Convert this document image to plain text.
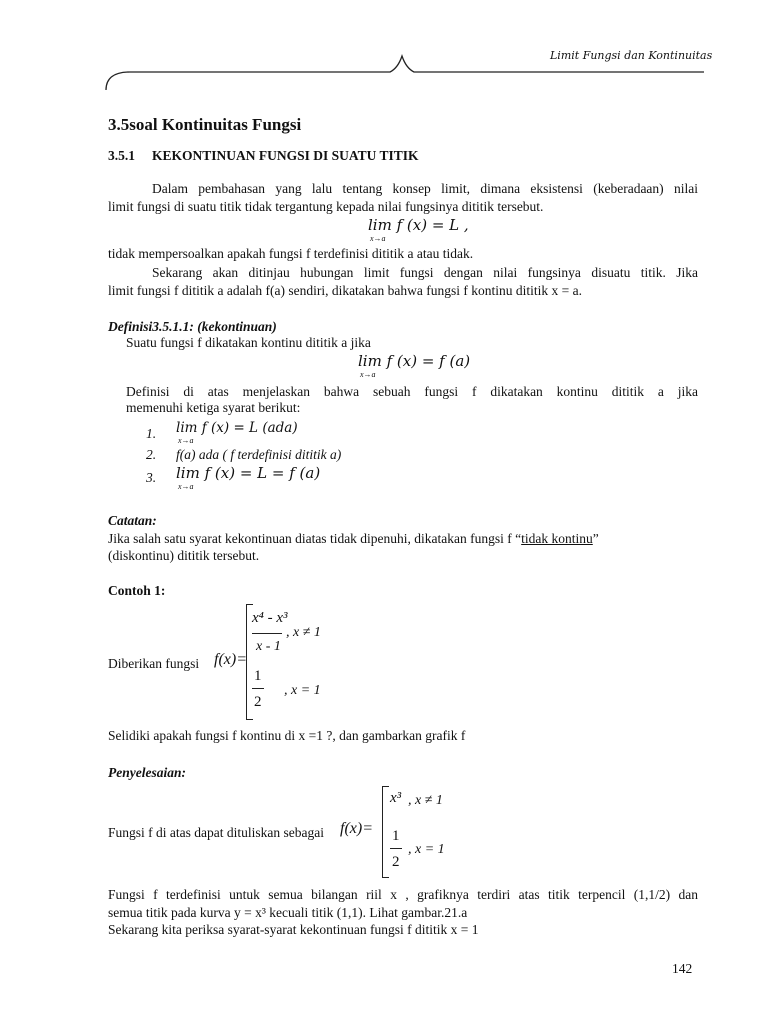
Limit Fungsi dan Kontinuitas
3.5soal Kontinuitas Fungsi
3.5.1 KEKONTINUAN FUNGSI DI SUATU TITIK
Dalam pembahasan yang lalu tentang konsep limit, dimana eksistensi (keberadaan) nilai
limit fungsi di suatu titik tidak tergantung kepada nilai fungsinya dititik tersebut.
lim f (x) = L ,
x→a
tidak mempersoalkan apakah fungsi f terdefinisi dititik a atau tidak.
Sekarang akan ditinjau hubungan limit fungsi dengan nilai fungsinya disuatu titik. Jika
limit fungsi f dititik a adalah f(a) sendiri, dikatakan bahwa fungsi f kontinu dititik x = a.
Definisi3.5.1.1: (kekontinuan)
Suatu fungsi f dikatakan kontinu dititik a jika
lim f (x) = f (a)
x→a
Definisi di atas menjelaskan bahwa sebuah fungsi f dikatakan kontinu dititik a jika
memenuhi ketiga syarat berikut:
1. lim f (x) = L (ada)
x→a
2. f(a) ada ( f terdefinisi dititik a)
3. lim f (x) = L = f (a)
x→a
Catatan:
Jika salah satu syarat kekontinuan diatas tidak dipenuhi, dikatakan fungsi f “tidak kontinu”
(diskontinu) dititik tersebut.
Contoh 1:
Diberikan fungsi f(x)=
x⁴ - x³
x - 1
, x ≠ 1
1
2
, x = 1
Selidiki apakah fungsi f kontinu di x =1 ?, dan gambarkan grafik f
Penyelesaian:
Fungsi f di atas dapat dituliskan sebagai f(x)=
x³ , x ≠ 1
1
2
, x = 1
Fungsi f terdefinisi untuk semua bilangan riil x , grafiknya terdiri atas titik terpencil (1,1/2) dan
semua titik pada kurva y = x³ kecuali titik (1,1). Lihat gambar.21.a
Sekarang kita periksa syarat-syarat kekontinuan fungsi f dititik x = 1
142
